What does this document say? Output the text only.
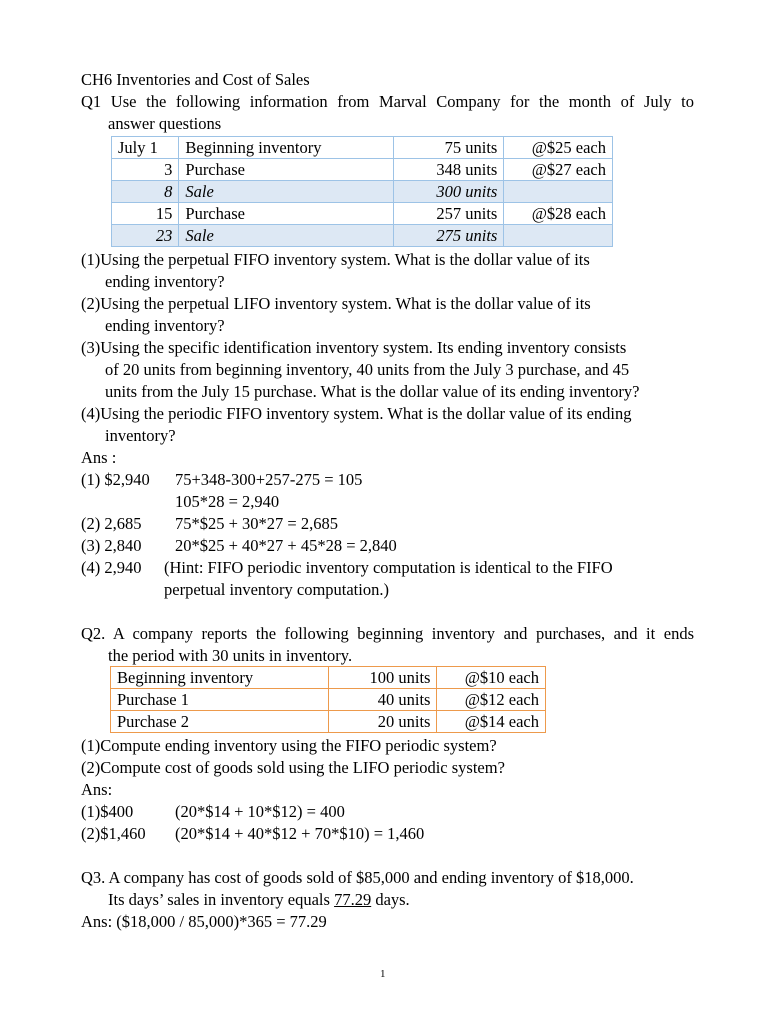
CH6 Inventories and Cost of Sales
Q1 Use the following information from Marval Company for the month of July to
answer questions
July 1	Beginning inventory	75 units	@$25 each
3	Purchase	348 units	@$27 each
8	Sale	300 units	
15	Purchase	257 units	@$28 each
23	Sale	275 units	
(1)Using the perpetual FIFO inventory system. What is the dollar value of its
ending inventory?
(2)Using the perpetual LIFO inventory system. What is the dollar value of its
ending inventory?
(3)Using the specific identification inventory system. Its ending inventory consists
of 20 units from beginning inventory, 40 units from the July 3 purchase, and 45
units from the July 15 purchase. What is the dollar value of its ending inventory?
(4)Using the periodic FIFO inventory system. What is the dollar value of its ending
inventory?
Ans :
(1) $2,940 75+348-300+257-275 = 105
105*28 = 2,940
(2) 2,685 75*$25 + 30*27 = 2,685
(3) 2,840 20*$25 + 40*27 + 45*28 = 2,840
(4) 2,940 (Hint: FIFO periodic inventory computation is identical to the FIFO
perpetual inventory computation.)
Q2. A company reports the following beginning inventory and purchases, and it ends
the period with 30 units in inventory.
Beginning inventory	100 units	@$10 each
Purchase 1	40 units	@$12 each
Purchase 2	20 units	@$14 each
(1)Compute ending inventory using the FIFO periodic system?
(2)Compute cost of goods sold using the LIFO periodic system?
Ans:
(1)$400	(20*$14 + 10*$12) = 400
(2)$1,460 (20*$14 + 40*$12 + 70*$10) = 1,460
Q3. A company has cost of goods sold of $85,000 and ending inventory of $18,000.
Its days’ sales in inventory equals 77.29 days.
Ans: ($18,000 / 85,000)*365 = 77.29
1
